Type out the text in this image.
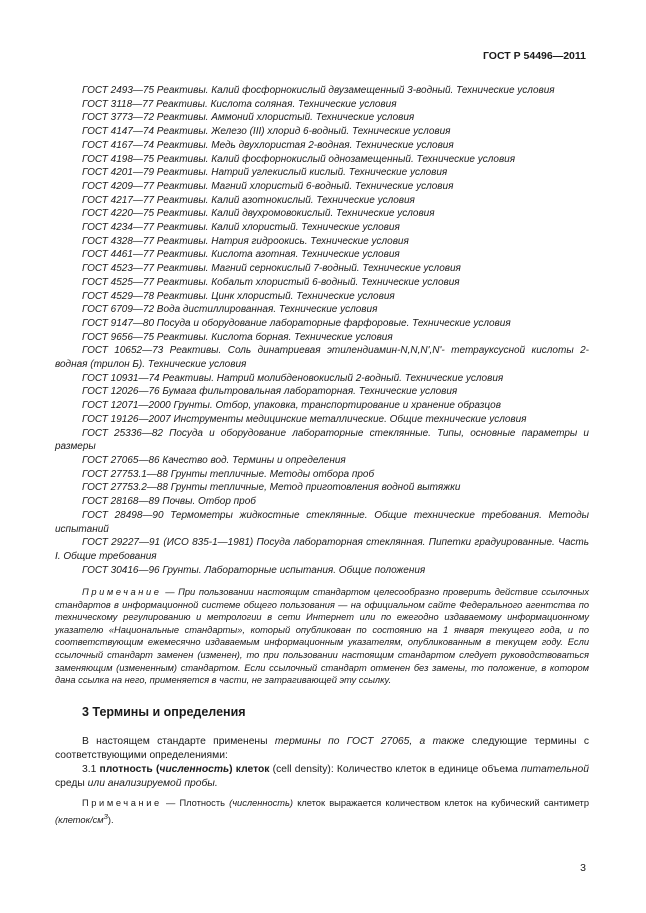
ГОСТ Р 54496—2011
ГОСТ 2493—75 Реактивы. Калий фосфорнокислый двузамещенный 3-водный. Технические условия
ГОСТ 3118—77 Реактивы. Кислота соляная. Технические условия
ГОСТ 3773—72 Реактивы. Аммоний хлористый. Технические условия
ГОСТ 4147—74 Реактивы. Железо (III) хлорид 6-водный. Технические условия
ГОСТ 4167—74 Реактивы. Медь двухлористая 2-водная. Технические условия
ГОСТ 4198—75 Реактивы. Калий фосфорнокислый однозамещенный. Технические условия
ГОСТ 4201—79 Реактивы. Натрий углекислый кислый. Технические условия
ГОСТ 4209—77 Реактивы. Магний хлористый 6-водный. Технические условия
ГОСТ 4217—77 Реактивы. Калий азотнокислый. Технические условия
ГОСТ 4220—75 Реактивы. Калий двухромовокислый. Технические условия
ГОСТ 4234—77 Реактивы. Калий хлористый. Технические условия
ГОСТ 4328—77 Реактивы. Натрия гидроокись. Технические условия
ГОСТ 4461—77 Реактивы. Кислота азотная. Технические условия
ГОСТ 4523—77 Реактивы. Магний сернокислый 7-водный. Технические условия
ГОСТ 4525—77 Реактивы. Кобальт хлористый 6-водный. Технические условия
ГОСТ 4529—78 Реактивы. Цинк хлористый. Технические условия
ГОСТ 6709—72 Вода дистиллированная. Технические условия
ГОСТ 9147—80 Посуда и оборудование лабораторные фарфоровые. Технические условия
ГОСТ 9656—75 Реактивы. Кислота борная. Технические условия
ГОСТ 10652—73 Реактивы. Соль динатриевая этилендиамин-N,N,N',N'- тетрауксусной кислоты 2-водная (трилон Б). Технические условия
ГОСТ 10931—74 Реактивы. Натрий молибденовокислый 2-водный. Технические условия
ГОСТ 12026—76 Бумага фильтровальная лабораторная. Технические условия
ГОСТ 12071—2000 Грунты. Отбор, упаковка, транспортирование и хранение образцов
ГОСТ 19126—2007 Инструменты медицинские металлические. Общие технические условия
ГОСТ 25336—82 Посуда и оборудование лабораторные стеклянные. Типы, основные параметры и размеры
ГОСТ 27065—86 Качество вод. Термины и определения
ГОСТ 27753.1—88 Грунты тепличные. Методы отбора проб
ГОСТ 27753.2—88 Грунты тепличные, Метод приготовления водной вытяжки
ГОСТ 28168—89 Почвы. Отбор проб
ГОСТ 28498—90 Термометры жидкостные стеклянные. Общие технические требования. Методы испытаний
ГОСТ 29227—91 (ИСО 835-1—1981) Посуда лабораторная стеклянная. Пипетки градуированные. Часть I. Общие требования
ГОСТ 30416—96 Грунты. Лабораторные испытания. Общие положения
Примечание — При пользовании настоящим стандартом целесообразно проверить действие ссылочных стандартов в информационной системе общего пользования — на официальном сайте Федерального агентства по техническому регулированию и метрологии в сети Интернет или по ежегодно издаваемому информационному указателю «Национальные стандарты», который опубликован по состоянию на 1 января текущего года, и по соответствующим ежемесячно издаваемым информационным указателям, опубликованным в текущем году. Если ссылочный стандарт заменен (изменен), то при пользовании настоящим стандартом следует руководствоваться заменяющим (измененным) стандартом. Если ссылочный стандарт отменен без замены, то положение, в котором дана ссылка на него, применяется в части, не затрагивающей эту ссылку.
3 Термины и определения
В настоящем стандарте применены термины по ГОСТ 27065, а также следующие термины с соответствующими определениями:
3.1 плотность (численность) клеток (cell density): Количество клеток в единице объема питательной среды или анализируемой пробы.
Примечание — Плотность (численность) клеток выражается количеством клеток на кубический сантиметр $(клеток/см^3)$.
3
